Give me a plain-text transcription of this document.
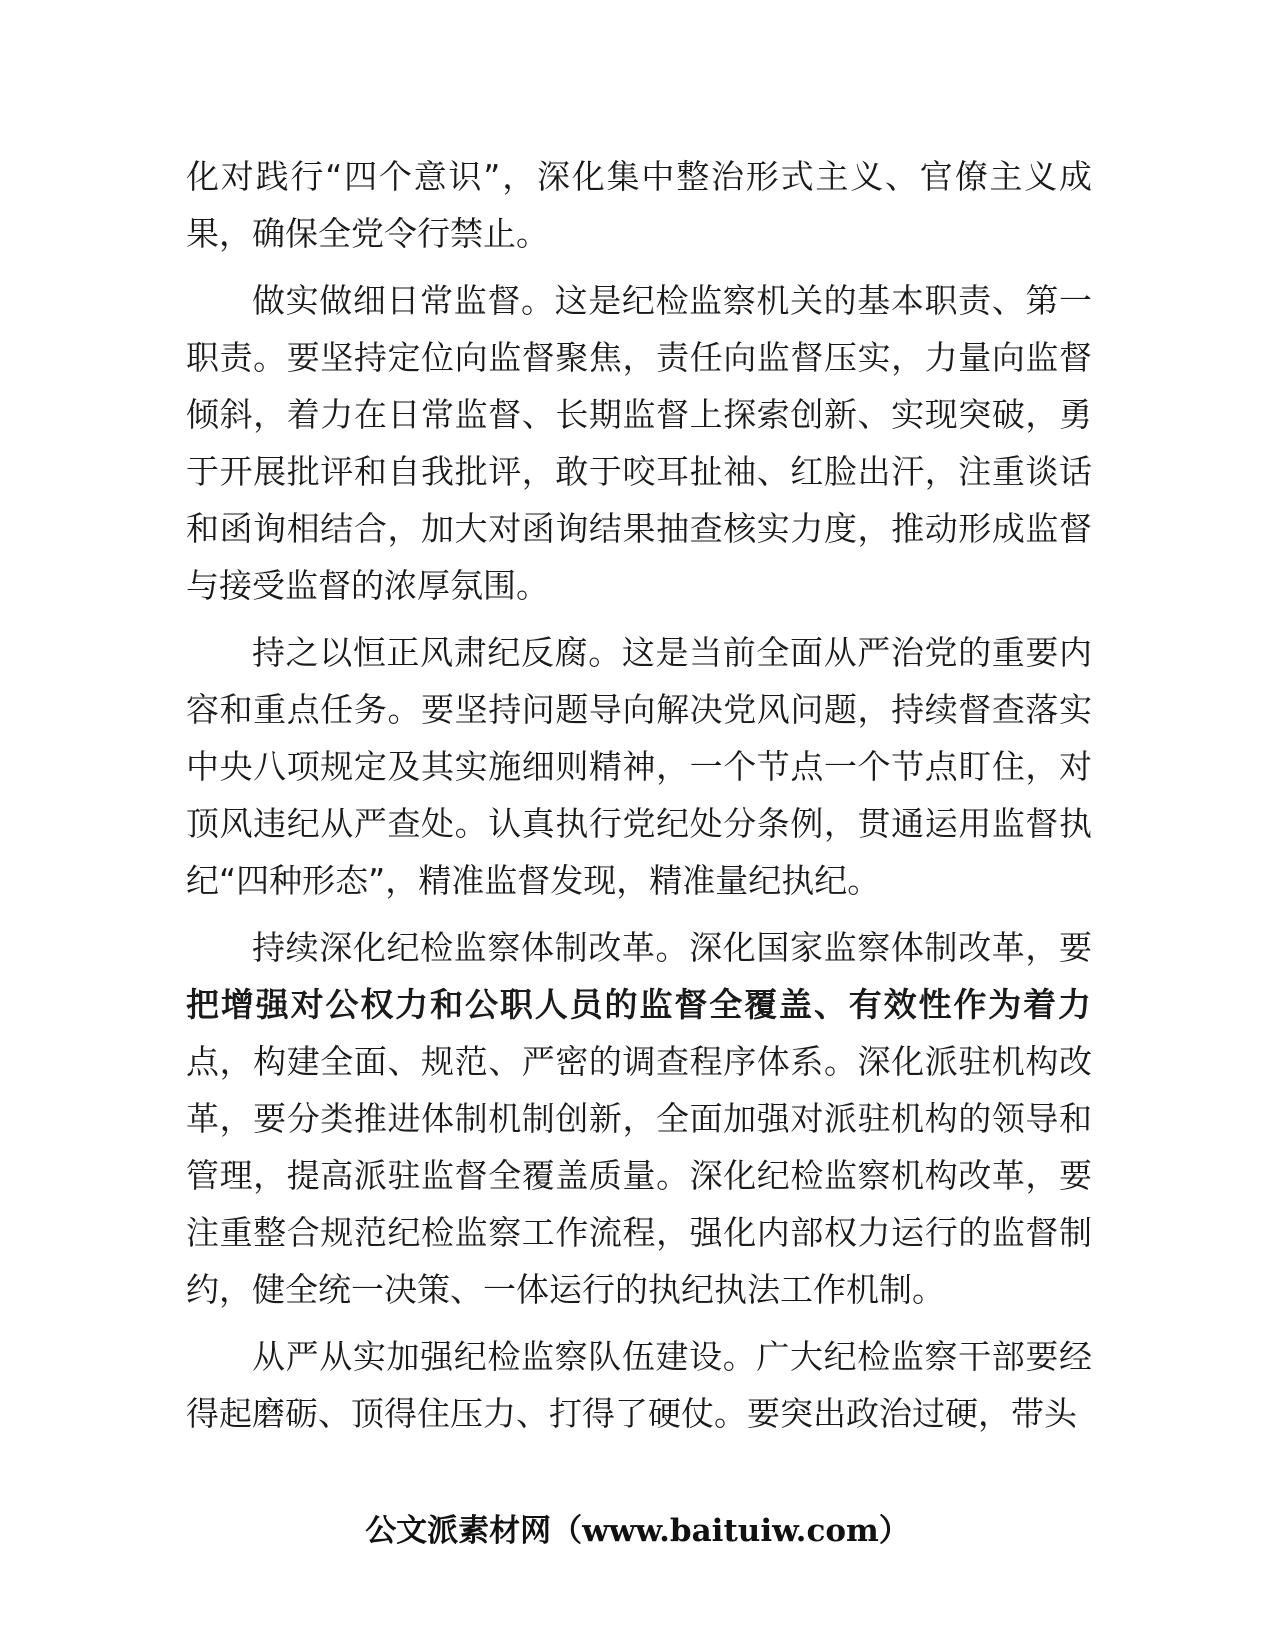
化对践行“四个意识”，深化集中整治形式主义、官僚主义成果，确保全党令行禁止。

做实做细日常监督。这是纪检监察机关的基本职责、第一职责。要坚持定位向监督聚焦，责任向监督压实，力量向监督倾斜，着力在日常监督、长期监督上探索创新、实现突破，勇于开展批评和自我批评，敢于咬耳扯袖、红脸出汗，注重谈话和函询相结合，加大对函询结果抽查核实力度，推动形成监督与接受监督的浓厚氛围。

持之以恒正风肃纪反腐。这是当前全面从严治党的重要内容和重点任务。要坚持问题导向解决党风问题，持续督查落实中央八项规定及其实施细则精神，一个节点一个节点盯住，对顶风违纪从严查处。认真执行党纪处分条例，贯通运用监督执纪“四种形态”，精准监督发现，精准量纪执纪。

持续深化纪检监察体制改革。深化国家监察体制改革，要把增强对公权力和公职人员的监督全覆盖、有效性作为着力点，构建全面、规范、严密的调查程序体系。深化派驻机构改革，要分类推进体制机制创新，全面加强对派驻机构的领导和管理，提高派驻监督全覆盖质量。深化纪检监察机构改革，要注重整合规范纪检监察工作流程，强化内部权力运行的监督制约，健全统一决策、一体运行的执纪执法工作机制。

从严从实加强纪检监察队伍建设。广大纪检监察干部要经得起磨砺、顶得住压力、打得了硬仗。要突出政治过硬，带头

公文派素材网（www.baituiw.com）
